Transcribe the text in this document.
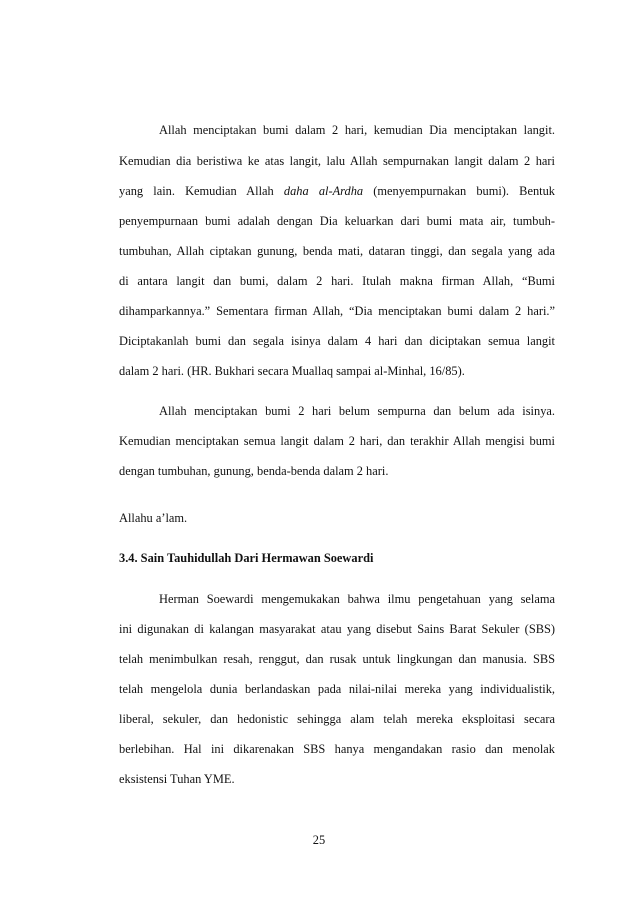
Allah menciptakan bumi dalam 2 hari, kemudian Dia menciptakan langit.
Kemudian dia beristiwa ke atas langit, lalu Allah sempurnakan langit dalam 2 hari
yang lain. Kemudian Allah daha al-Ardha (menyempurnakan bumi). Bentuk
penyempurnaan bumi adalah dengan Dia keluarkan dari bumi mata air, tumbuh-
tumbuhan, Allah ciptakan gunung, benda mati, dataran tinggi, dan segala yang ada
di antara langit dan bumi, dalam 2 hari. Itulah makna firman Allah, “Bumi
dihamparkannya.” Sementara firman Allah, “Dia menciptakan bumi dalam 2 hari.”
Diciptakanlah bumi dan segala isinya dalam 4 hari dan diciptakan semua langit
dalam 2 hari. (HR. Bukhari secara Muallaq sampai al-Minhal, 16/85).
Allah menciptakan bumi 2 hari belum sempurna dan belum ada isinya.
Kemudian menciptakan semua langit dalam 2 hari, dan terakhir Allah mengisi bumi
dengan tumbuhan, gunung, benda-benda dalam 2 hari.
Allahu a’lam.
3.4. Sain Tauhidullah Dari Hermawan Soewardi
Herman Soewardi mengemukakan bahwa ilmu pengetahuan yang selama
ini digunakan di kalangan masyarakat atau yang disebut Sains Barat Sekuler (SBS)
telah menimbulkan resah, renggut, dan rusak untuk lingkungan dan manusia. SBS
telah mengelola dunia berlandaskan pada nilai-nilai mereka yang individualistik,
liberal, sekuler, dan hedonistic sehingga alam telah mereka eksploitasi secara
berlebihan. Hal ini dikarenakan SBS hanya mengandakan rasio dan menolak
eksistensi Tuhan YME.
25
